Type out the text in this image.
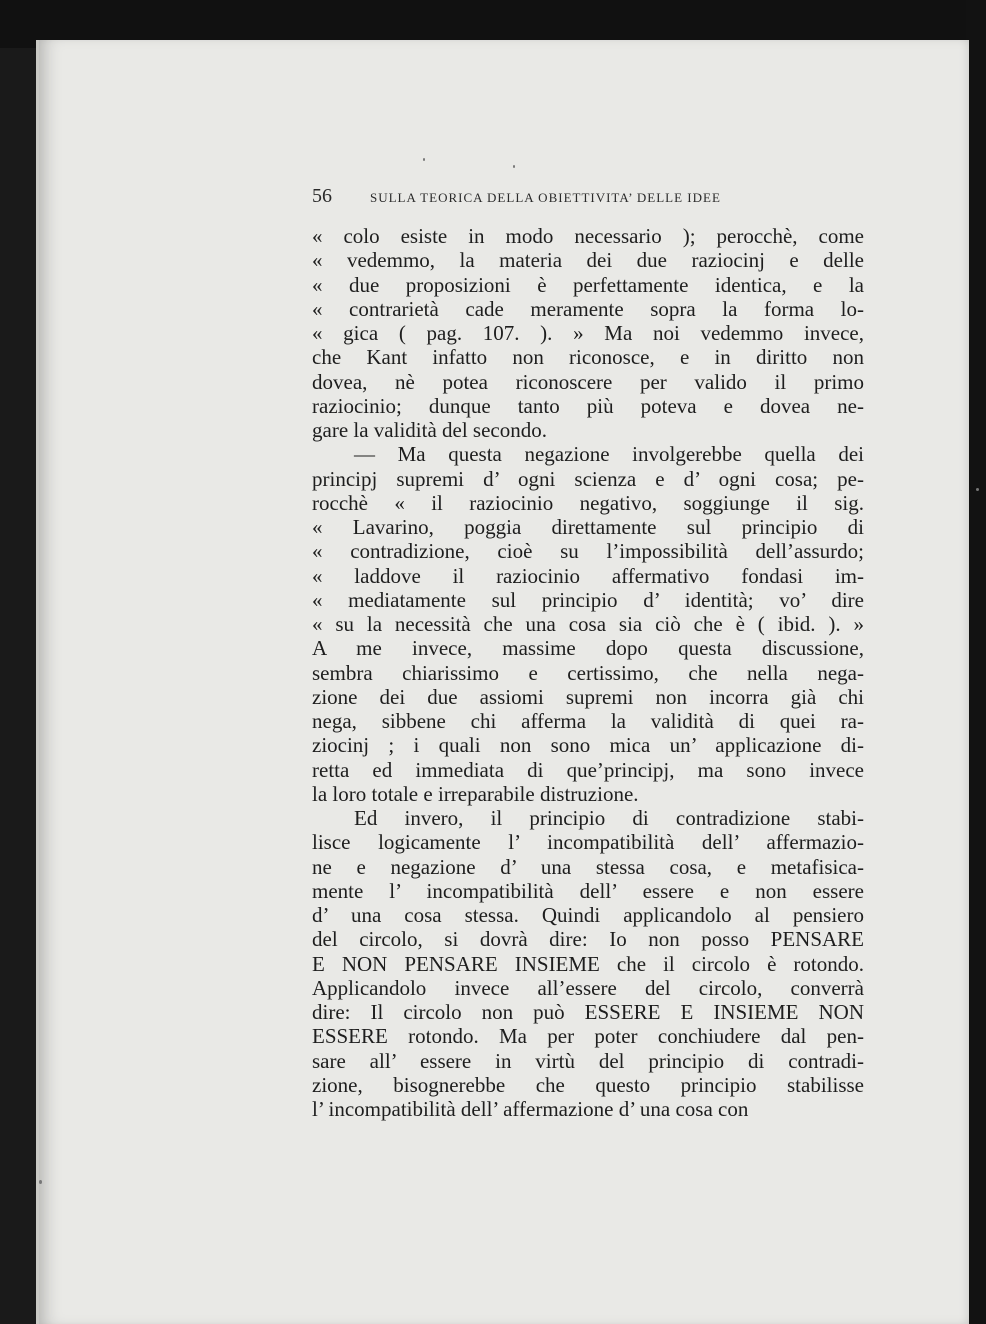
56	SULLA TEORICA DELLA OBIETTIVITA’ DELLE IDEE
« colo esiste in modo necessario ); perocchè, come
« vedemmo, la materia dei due raziocinj e delle
« due proposizioni è perfettamente identica, e la
« contrarietà cade meramente sopra la forma lo-
« gica ( pag. 107. ). » Ma noi vedemmo invece,
che Kant infatto non riconosce, e in diritto non
dovea, nè potea riconoscere per valido il primo
raziocinio; dunque tanto più poteva e dovea ne-
gare la validità del secondo.
— Ma questa negazione involgerebbe quella dei
principj supremi d’ ogni scienza e d’ ogni cosa; pe-
rocchè « il raziocinio negativo, soggiunge il sig.
« Lavarino, poggia direttamente sul principio di
« contradizione, cioè su l’impossibilità dell’assurdo;
« laddove il raziocinio affermativo fondasi im-
« mediatamente sul principio d’ identità; vo’ dire
« su la necessità che una cosa sia ciò che è ( ibid. ). »
A me invece, massime dopo questa discussione,
sembra chiarissimo e certissimo, che nella nega-
zione dei due assiomi supremi non incorra già chi
nega, sibbene chi afferma la validità di quei ra-
ziocinj ; i quali non sono mica un’ applicazione di-
retta ed immediata di que’principj, ma sono invece
la loro totale e irreparabile distruzione.
Ed invero, il principio di contradizione stabi-
lisce logicamente l’ incompatibilità dell’ affermazio-
ne e negazione d’ una stessa cosa, e metafisica-
mente l’ incompatibilità dell’ essere e non essere
d’ una cosa stessa. Quindi applicandolo al pensiero
del circolo, si dovrà dire: Io non posso PENSARE
E NON PENSARE INSIEME che il circolo è rotondo.
Applicandolo invece all’essere del circolo, converrà
dire: Il circolo non può ESSERE E INSIEME NON
ESSERE rotondo. Ma per poter conchiudere dal pen-
sare all’ essere in virtù del principio di contradi-
zione, bisognerebbe che questo principio stabilisse
l’ incompatibilità dell’ affermazione d’ una cosa con
